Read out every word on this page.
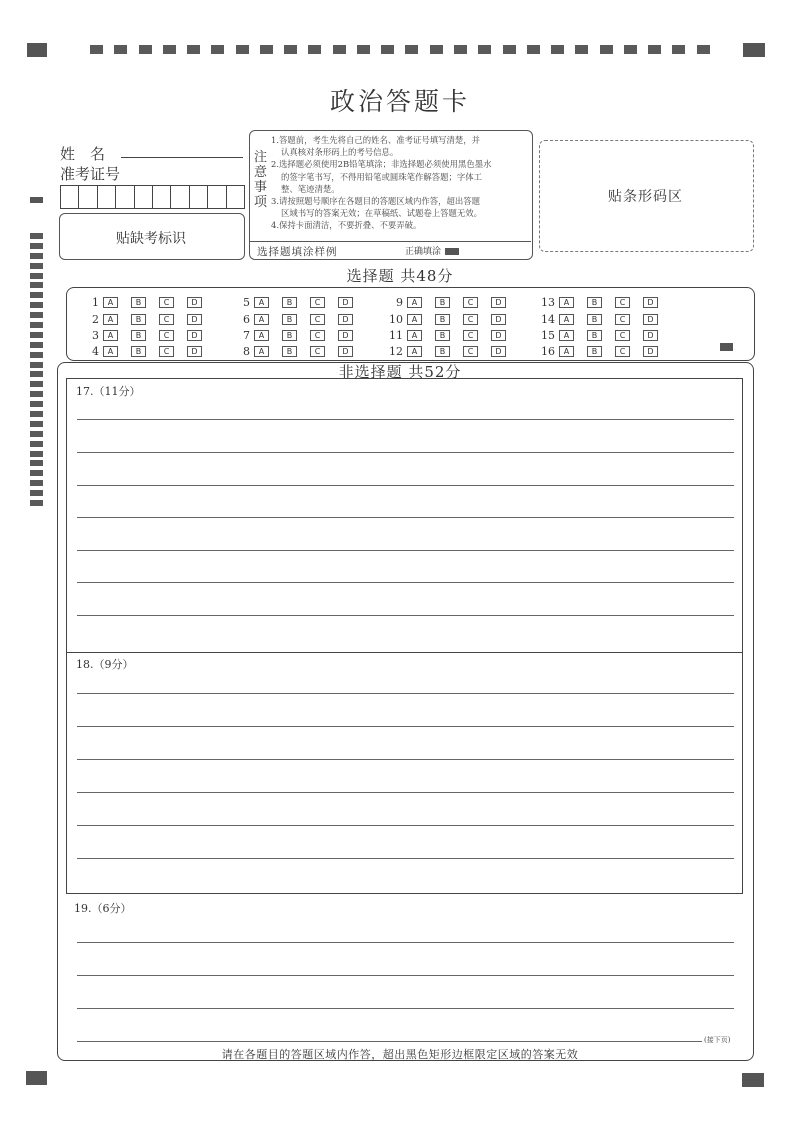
政治答题卡
姓　名
准考证号
贴缺考标识
注意事项
1.答题前，考生先将自己的姓名、准考证号填写清楚，并
认真核对条形码上的考号信息。
2.选择题必须使用2B铅笔填涂；非选择题必须使用黑色墨水
的签字笔书写，不得用铅笔或圆珠笔作解答题；字体工
整、笔迹清楚。
3.请按照题号顺序在各题目的答题区域内作答，超出答题
区域书写的答案无效；在草稿纸、试题卷上答题无效。
4.保持卡面清洁，不要折叠、不要弄破。
选择题填涂样例	正确填涂
贴条形码区
选择题 共48分
1	A	B	C	D
2	A	B	C	D
3	A	B	C	D
4	A	B	C	D
5	A	B	C	D
6	A	B	C	D
7	A	B	C	D
8	A	B	C	D
9	A	B	C	D
10	A	B	C	D
11	A	B	C	D
12	A	B	C	D
13	A	B	C	D
14	A	B	C	D
15	A	B	C	D
16	A	B	C	D
非选择题 共52分
17.（11分）
18.（9分）
19.（6分）
(接下页)
请在各题目的答题区域内作答，超出黑色矩形边框限定区域的答案无效
